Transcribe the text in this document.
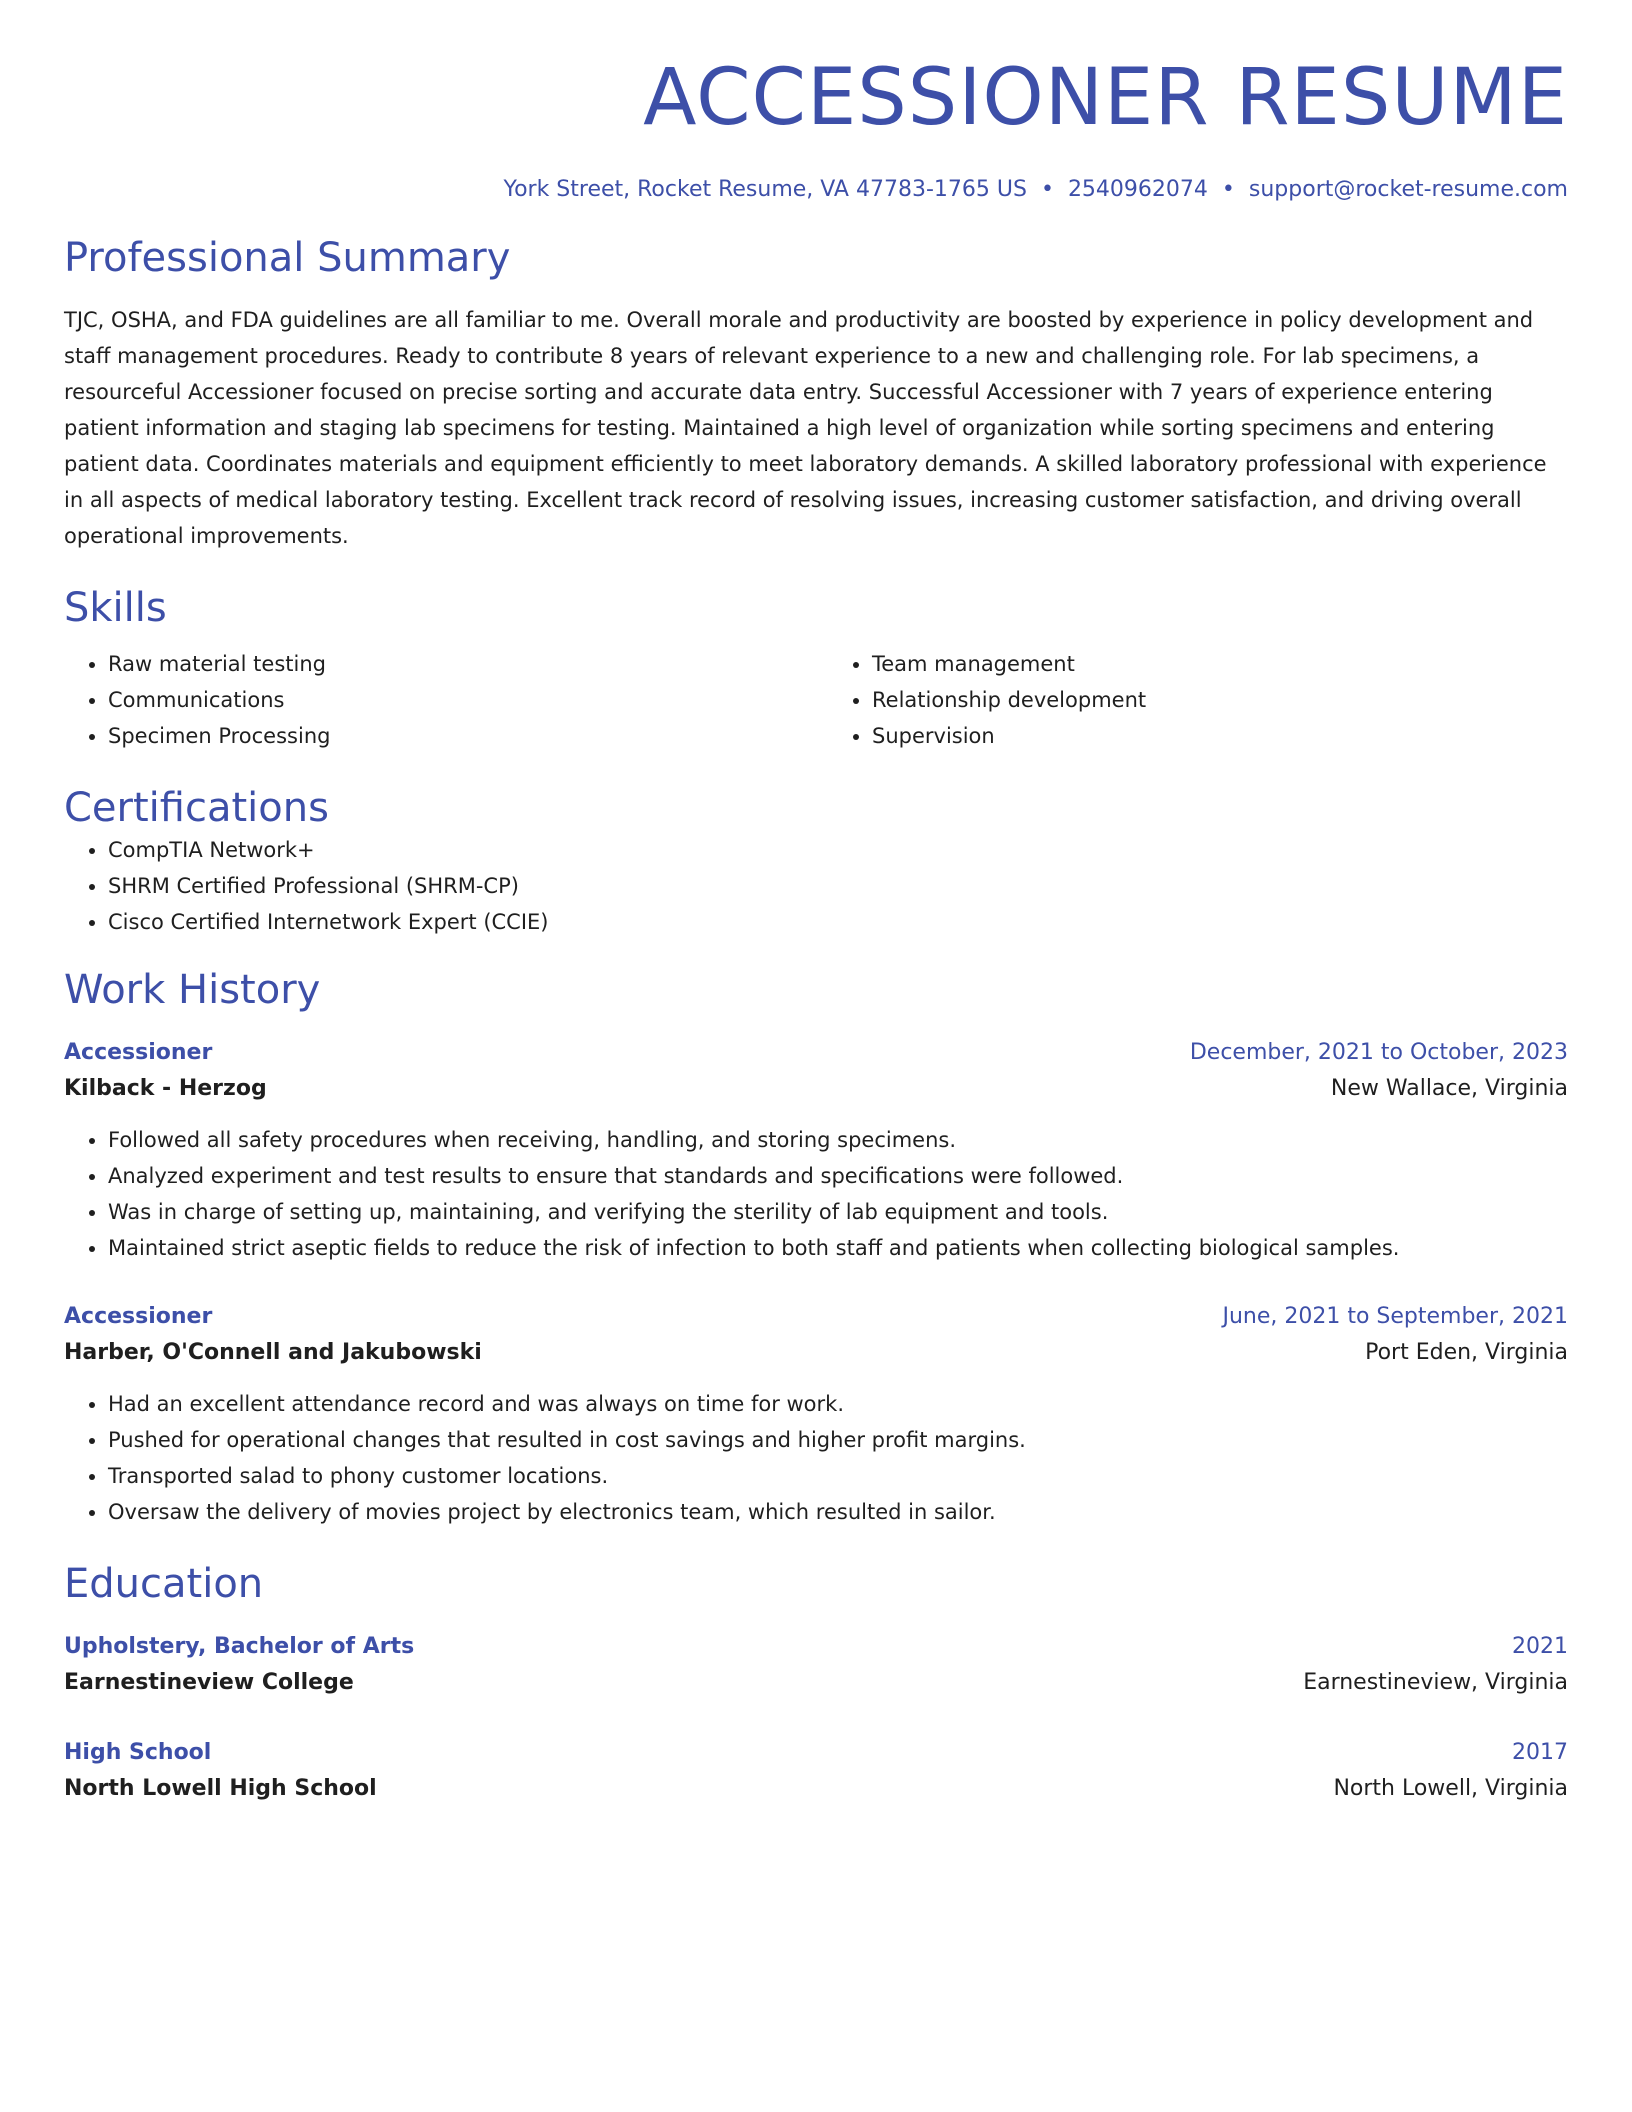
ACCESSIONER RESUME
York Street, Rocket Resume, VA 47783-1765 US • 2540962074 • support@rocket-resume.com
Professional Summary

TJC, OSHA, and FDA guidelines are all familiar to me. Overall morale and productivity are boosted by experience in policy development and staff management procedures. Ready to contribute 8 years of relevant experience to a new and challenging role. For lab specimens, a resourceful Accessioner focused on precise sorting and accurate data entry. Successful Accessioner with 7 years of experience entering patient information and staging lab specimens for testing. Maintained a high level of organization while sorting specimens and entering patient data. Coordinates materials and equipment efficiently to meet laboratory demands. A skilled laboratory professional with experience in all aspects of medical laboratory testing. Excellent track record of resolving issues, increasing customer satisfaction, and driving overall operational improvements.

Skills
• Raw material testing
• Communications
• Specimen Processing
• Team management
• Relationship development
• Supervision
Certifications
• CompTIA Network+
• SHRM Certified Professional (SHRM-CP)
• Cisco Certified Internetwork Expert (CCIE)
Work History
Accessioner	December, 2021 to October, 2023
Kilback - Herzog	New Wallace, Virginia
• Followed all safety procedures when receiving, handling, and storing specimens.
• Analyzed experiment and test results to ensure that standards and specifications were followed.
• Was in charge of setting up, maintaining, and verifying the sterility of lab equipment and tools.
• Maintained strict aseptic fields to reduce the risk of infection to both staff and patients when collecting biological samples.
Accessioner	June, 2021 to September, 2021
Harber, O'Connell and Jakubowski	Port Eden, Virginia
• Had an excellent attendance record and was always on time for work.
• Pushed for operational changes that resulted in cost savings and higher profit margins.
• Transported salad to phony customer locations.
• Oversaw the delivery of movies project by electronics team, which resulted in sailor.
Education
Upholstery, Bachelor of Arts	2021
Earnestineview College	Earnestineview, Virginia
High School	2017
North Lowell High School	North Lowell, Virginia
